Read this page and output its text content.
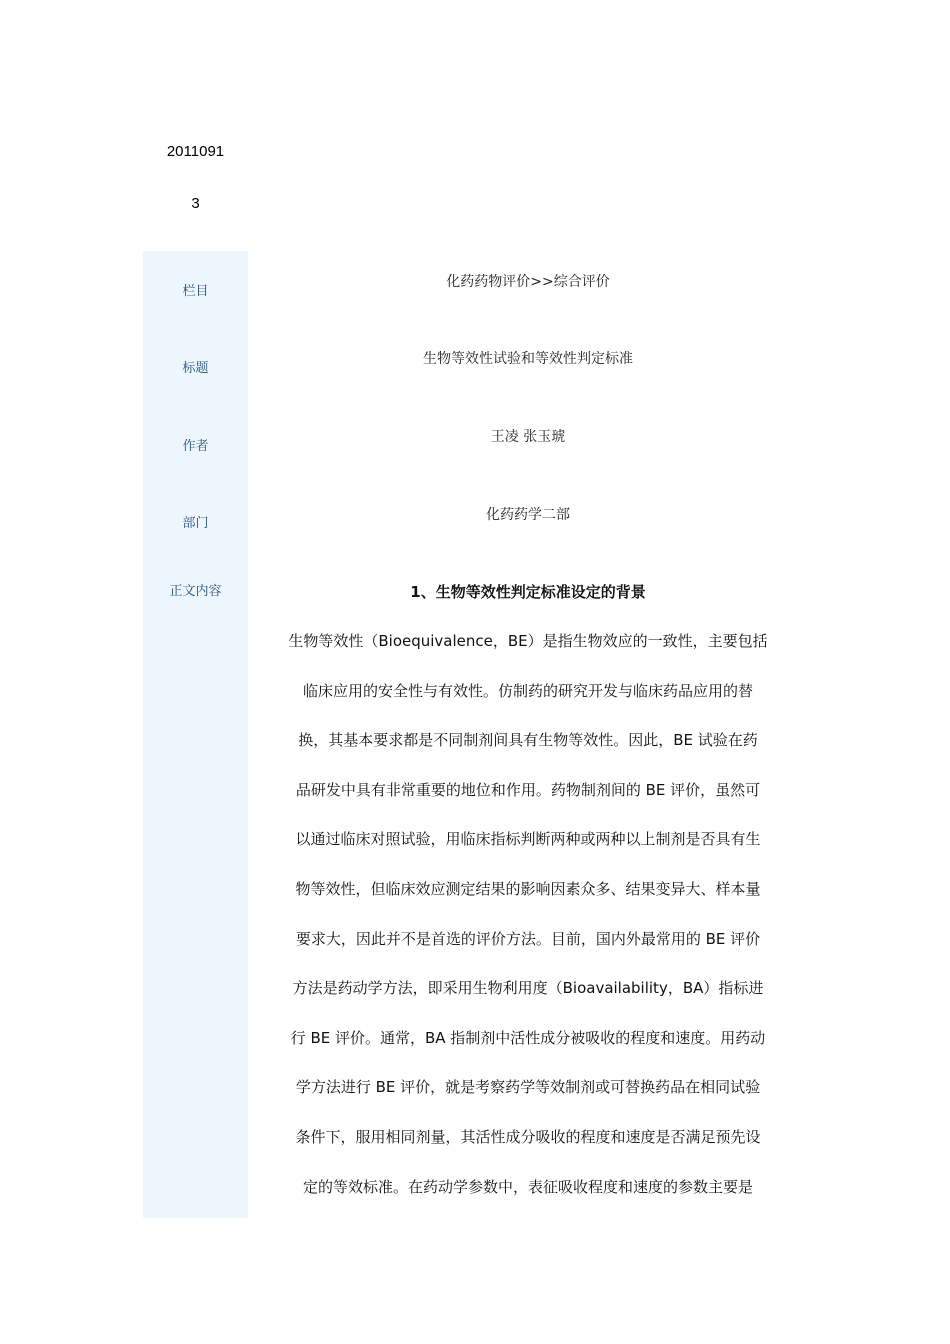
2011091
3
栏目
标题
作者
部门
正文内容
化药药物评价>>综合评价
生物等效性试验和等效性判定标准
王凌 张玉琥
化药药学二部
1、生物等效性判定标准设定的背景
生物等效性（Bioequivalence，BE）是指生物效应的一致性，主要包括
临床应用的安全性与有效性。仿制药的研究开发与临床药品应用的替
换，其基本要求都是不同制剂间具有生物等效性。因此，BE 试验在药
品研发中具有非常重要的地位和作用。药物制剂间的 BE 评价，虽然可
以通过临床对照试验，用临床指标判断两种或两种以上制剂是否具有生
物等效性，但临床效应测定结果的影响因素众多、结果变异大、样本量
要求大，因此并不是首选的评价方法。目前，国内外最常用的 BE 评价
方法是药动学方法，即采用生物利用度（Bioavailability，BA）指标进
行 BE 评价。通常，BA 指制剂中活性成分被吸收的程度和速度。用药动
学方法进行 BE 评价，就是考察药学等效制剂或可替换药品在相同试验
条件下，服用相同剂量，其活性成分吸收的程度和速度是否满足预先设
定的等效标准。在药动学参数中，表征吸收程度和速度的参数主要是
